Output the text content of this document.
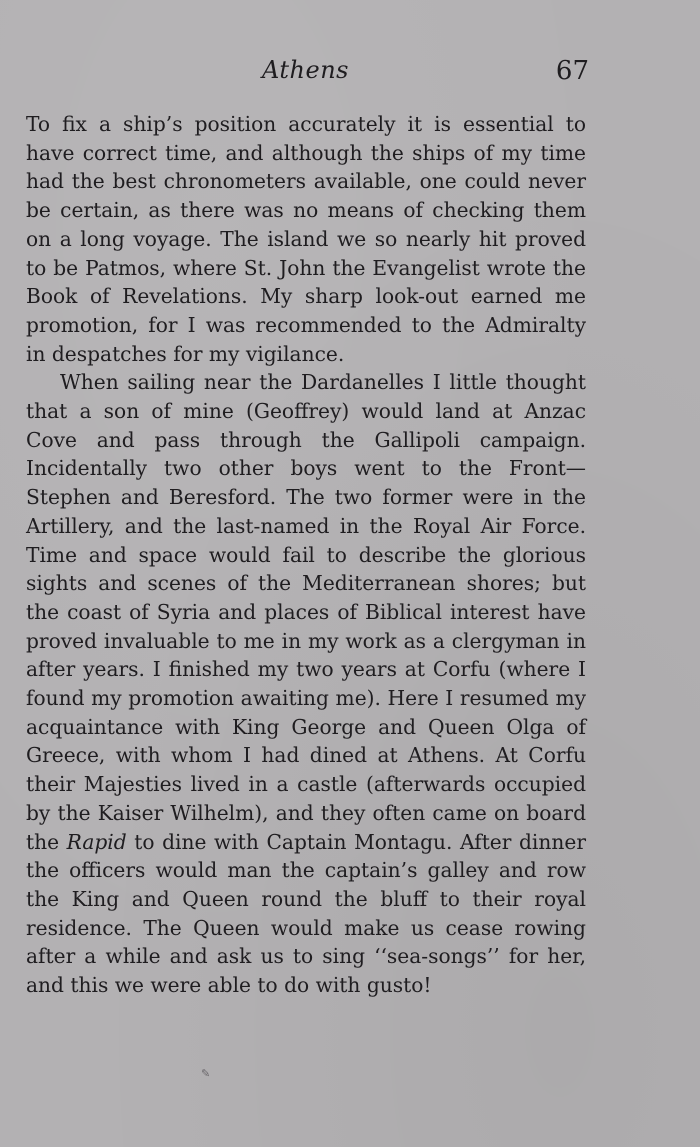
Athens	67

To fix a ship’s position accurately it is essential to have correct time, and although the ships of my time had the best chronometers available, one could never be certain, as there was no means of checking them on a long voyage. The island we so nearly hit proved to be Patmos, where St. John the Evangelist wrote the Book of Revelations. My sharp look-out earned me promotion, for I was recommended to the Admiralty in despatches for my vigilance.

When sailing near the Dardanelles I little thought that a son of mine (Geoffrey) would land at Anzac Cove and pass through the Gallipoli campaign. Incidentally two other boys went to the Front— Stephen and Beresford. The two former were in the Artillery, and the last-named in the Royal Air Force. Time and space would fail to describe the glorious sights and scenes of the Mediterranean shores; but the coast of Syria and places of Biblical interest have proved invaluable to me in my work as a clergyman in after years. I finished my two years at Corfu (where I found my promotion awaiting me). Here I resumed my acquaintance with King George and Queen Olga of Greece, with whom I had dined at Athens. At Corfu their Majesties lived in a castle (afterwards occupied by the Kaiser Wilhelm), and they often came on board the Rapid to dine with Captain Montagu. After dinner the officers would man the captain’s galley and row the King and Queen round the bluff to their royal residence. The Queen would make us cease rowing after a while and ask us to sing ‘‘sea-songs’’ for her, and this we were able to do with gusto!

✎
